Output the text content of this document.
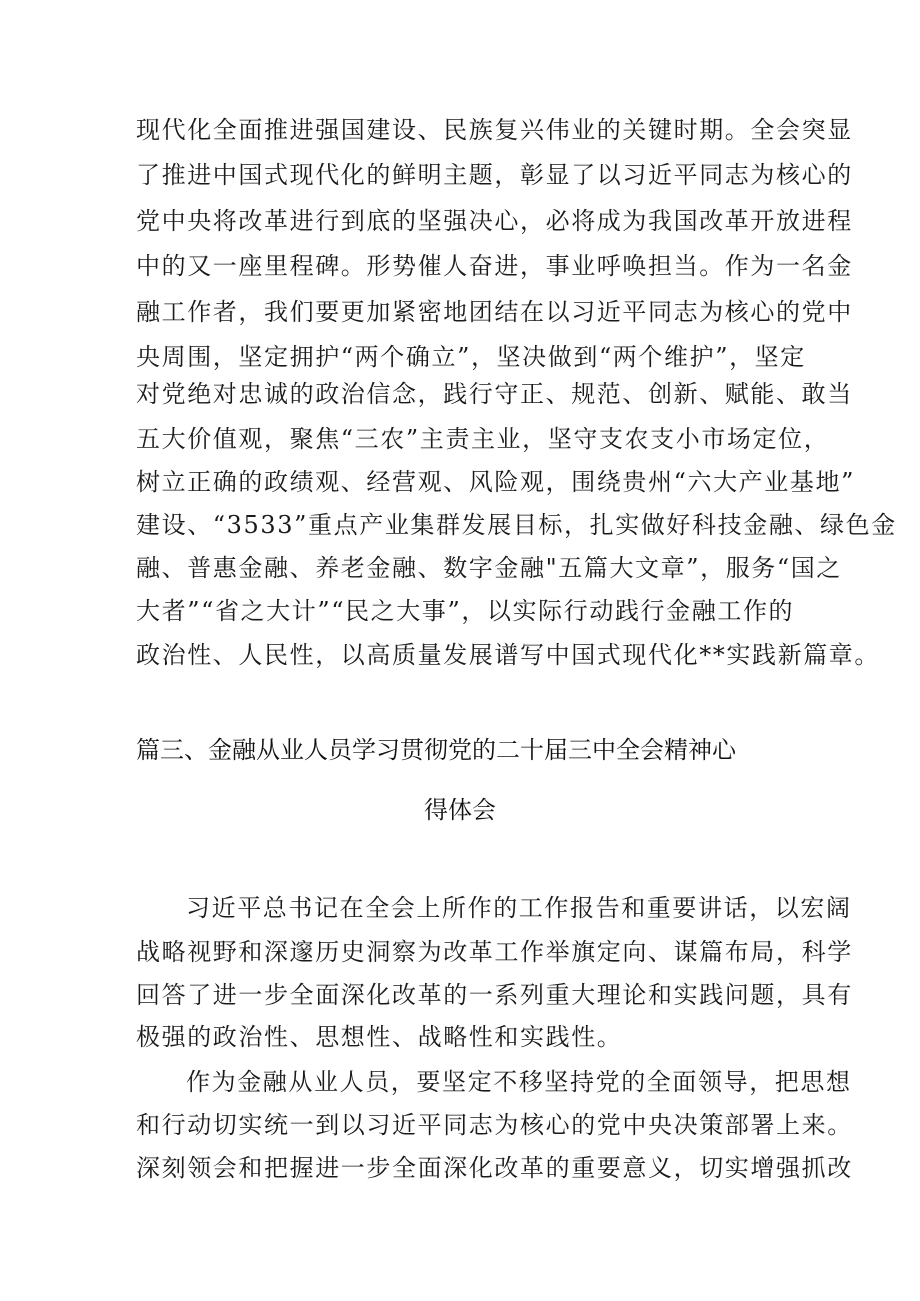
现代化全面推进强国建设、民族复兴伟业的关键时期。全会突显
了推进中国式现代化的鲜明主题，彰显了以习近平同志为核心的
党中央将改革进行到底的坚强决心，必将成为我国改革开放进程
中的又一座里程碑。形势催人奋进，事业呼唤担当。作为一名金
融工作者，我们要更加紧密地团结在以习近平同志为核心的党中
央周围，坚定拥护“两个确立”，坚决做到“两个维护”，坚定
对党绝对忠诚的政治信念，践行守正、规范、创新、赋能、敢当
五大价值观，聚焦“三农”主责主业，坚守支农支小市场定位，
树立正确的政绩观、经营观、风险观，围绕贵州“六大产业基地”
建设、“3533”重点产业集群发展目标，扎实做好科技金融、绿色金
融、普惠金融、养老金融、数字金融"五篇大文章”，服务“国之
大者”“省之大计”“民之大事”，以实际行动践行金融工作的
政治性、人民性，以高质量发展谱写中国式现代化**实践新篇章。
篇三、金融从业人员学习贯彻党的二十届三中全会精神心
得体会
习近平总书记在全会上所作的工作报告和重要讲话，以宏阔
战略视野和深邃历史洞察为改革工作举旗定向、谋篇布局，科学
回答了进一步全面深化改革的一系列重大理论和实践问题，具有
极强的政治性、思想性、战略性和实践性。
作为金融从业人员，要坚定不移坚持党的全面领导，把思想
和行动切实统一到以习近平同志为核心的党中央决策部署上来。
深刻领会和把握进一步全面深化改革的重要意义，切实增强抓改
